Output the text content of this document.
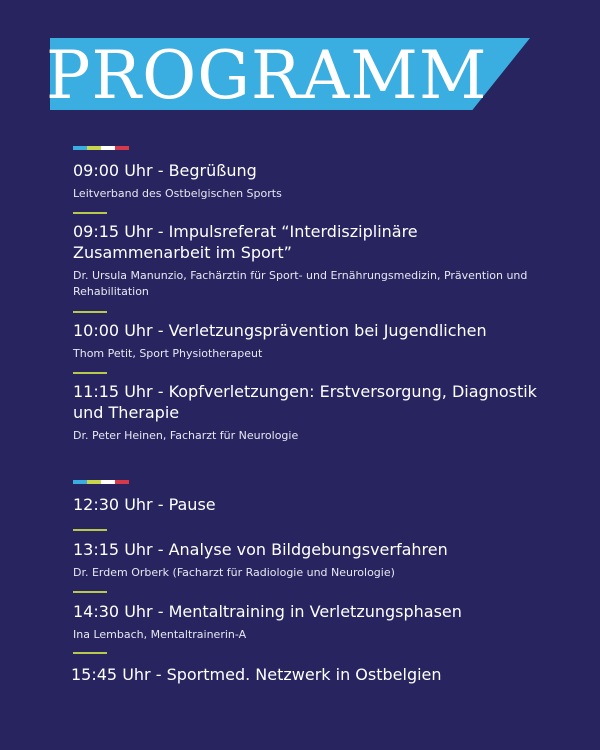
PROGRAMM
09:00 Uhr - Begrüßung

Leitverband des Ostbelgischen Sports

09:15 Uhr - Impulsreferat “Interdisziplinäre Zusammenarbeit im Sport”

Dr. Ursula Manunzio, Fachärztin für Sport- und Ernährungsmedizin, Prävention und Rehabilitation

10:00 Uhr - Verletzungsprävention bei Jugendlichen

Thom Petit, Sport Physiotherapeut

11:15 Uhr - Kopfverletzungen: Erstversorgung, Diagnostik und Therapie

Dr. Peter Heinen, Facharzt für Neurologie

12:30 Uhr - Pause
13:15 Uhr - Analyse von Bildgebungsverfahren

Dr. Erdem Orberk (Facharzt für Radiologie und Neurologie)

14:30 Uhr - Mentaltraining in Verletzungsphasen

Ina Lembach, Mentaltrainerin-A

15:45 Uhr - Sportmed. Netzwerk in Ostbelgien
